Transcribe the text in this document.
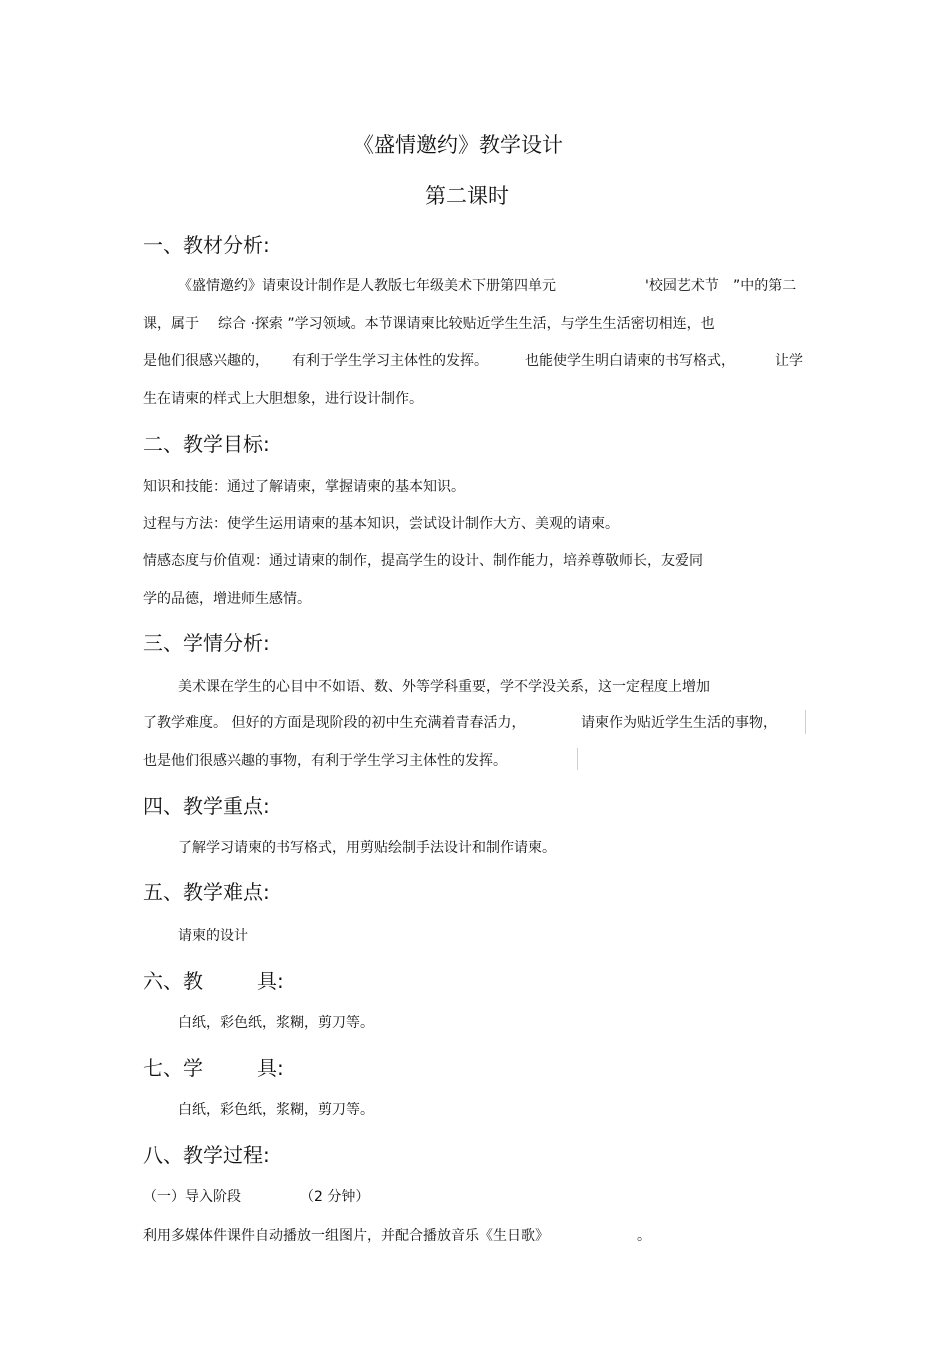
《盛情邀约》教学设计
第二课时
一、教材分析:
《盛情邀约》请柬设计制作是人教版七年级美术下册第四单元	'校园艺术节 ”中的第二
课，属于 综合 ·探索 ”学习领域。本节课请柬比较贴近学生生活，与学生生活密切相连，也
是他们很感兴趣的， 有利于学生学习主体性的发挥。	也能使学生明白请柬的书写格式，	让学
生在请柬的样式上大胆想象，进行设计制作。
二、教学目标:
知识和技能：通过了解请柬，掌握请柬的基本知识。
过程与方法：使学生运用请柬的基本知识，尝试设计制作大方、美观的请柬。
情感态度与价值观：通过请柬的制作，提高学生的设计、制作能力，培养尊敬师长，友爱同
学的品德，增进师生感情。
三、学情分析:
美术课在学生的心目中不如语、数、外等学科重要，学不学没关系，这一定程度上增加
了教学难度。 但好的方面是现阶段的初中生充满着青春活力，	请柬作为贴近学生生活的事物，
也是他们很感兴趣的事物，有利于学生学习主体性的发挥。
四、教学重点:
了解学习请柬的书写格式，用剪贴绘制手法设计和制作请柬。
五、教学难点:
请柬的设计
六、教	具:
白纸，彩色纸，浆糊，剪刀等。
七、学	具:
白纸，彩色纸，浆糊，剪刀等。
八、教学过程:
（一）导入阶段	（2 分钟）
利用多媒体件课件自动播放一组图片，并配合播放音乐《生日歌》	。
